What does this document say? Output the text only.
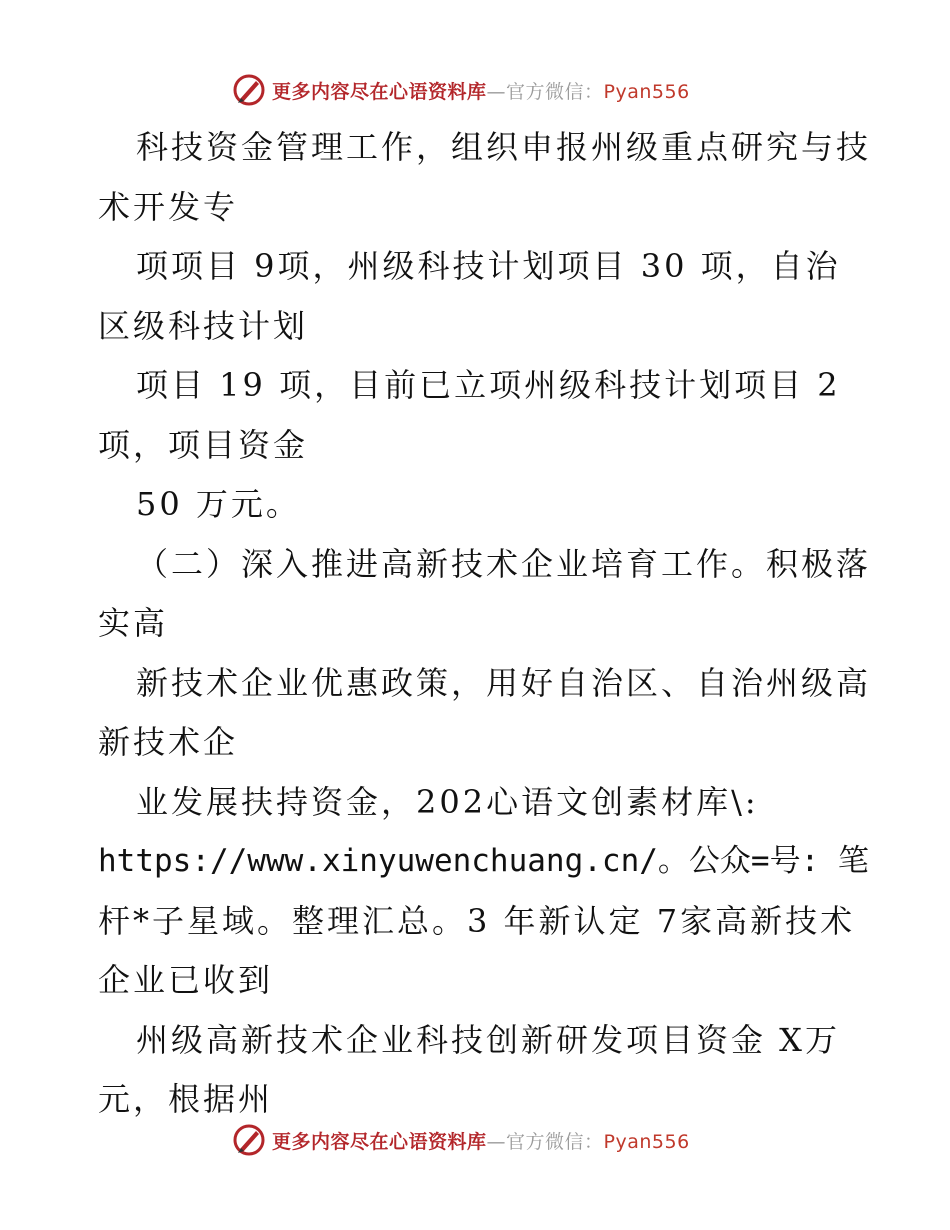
更多内容尽在心语资料库—官方微信：Pyan556
科技资金管理工作，组织申报州级重点研究与技
术开发专
项项目 9项，州级科技计划项目 30 项，自治
区级科技计划
项目 19 项，目前已立项州级科技计划项目 2
项，项目资金
50 万元。
（二）深入推进高新技术企业培育工作。积极落
实高
新技术企业优惠政策，用好自治区、自治州级高
新技术企
业发展扶持资金，202心语文创素材库\:
https://www.xinyuwenchuang.cn/。公众=号: 笔
杆*子星域。整理汇总。3 年新认定 7家高新技术
企业已收到
州级高新技术企业科技创新研发项目资金 X万
元，根据州
更多内容尽在心语资料库—官方微信：Pyan556
